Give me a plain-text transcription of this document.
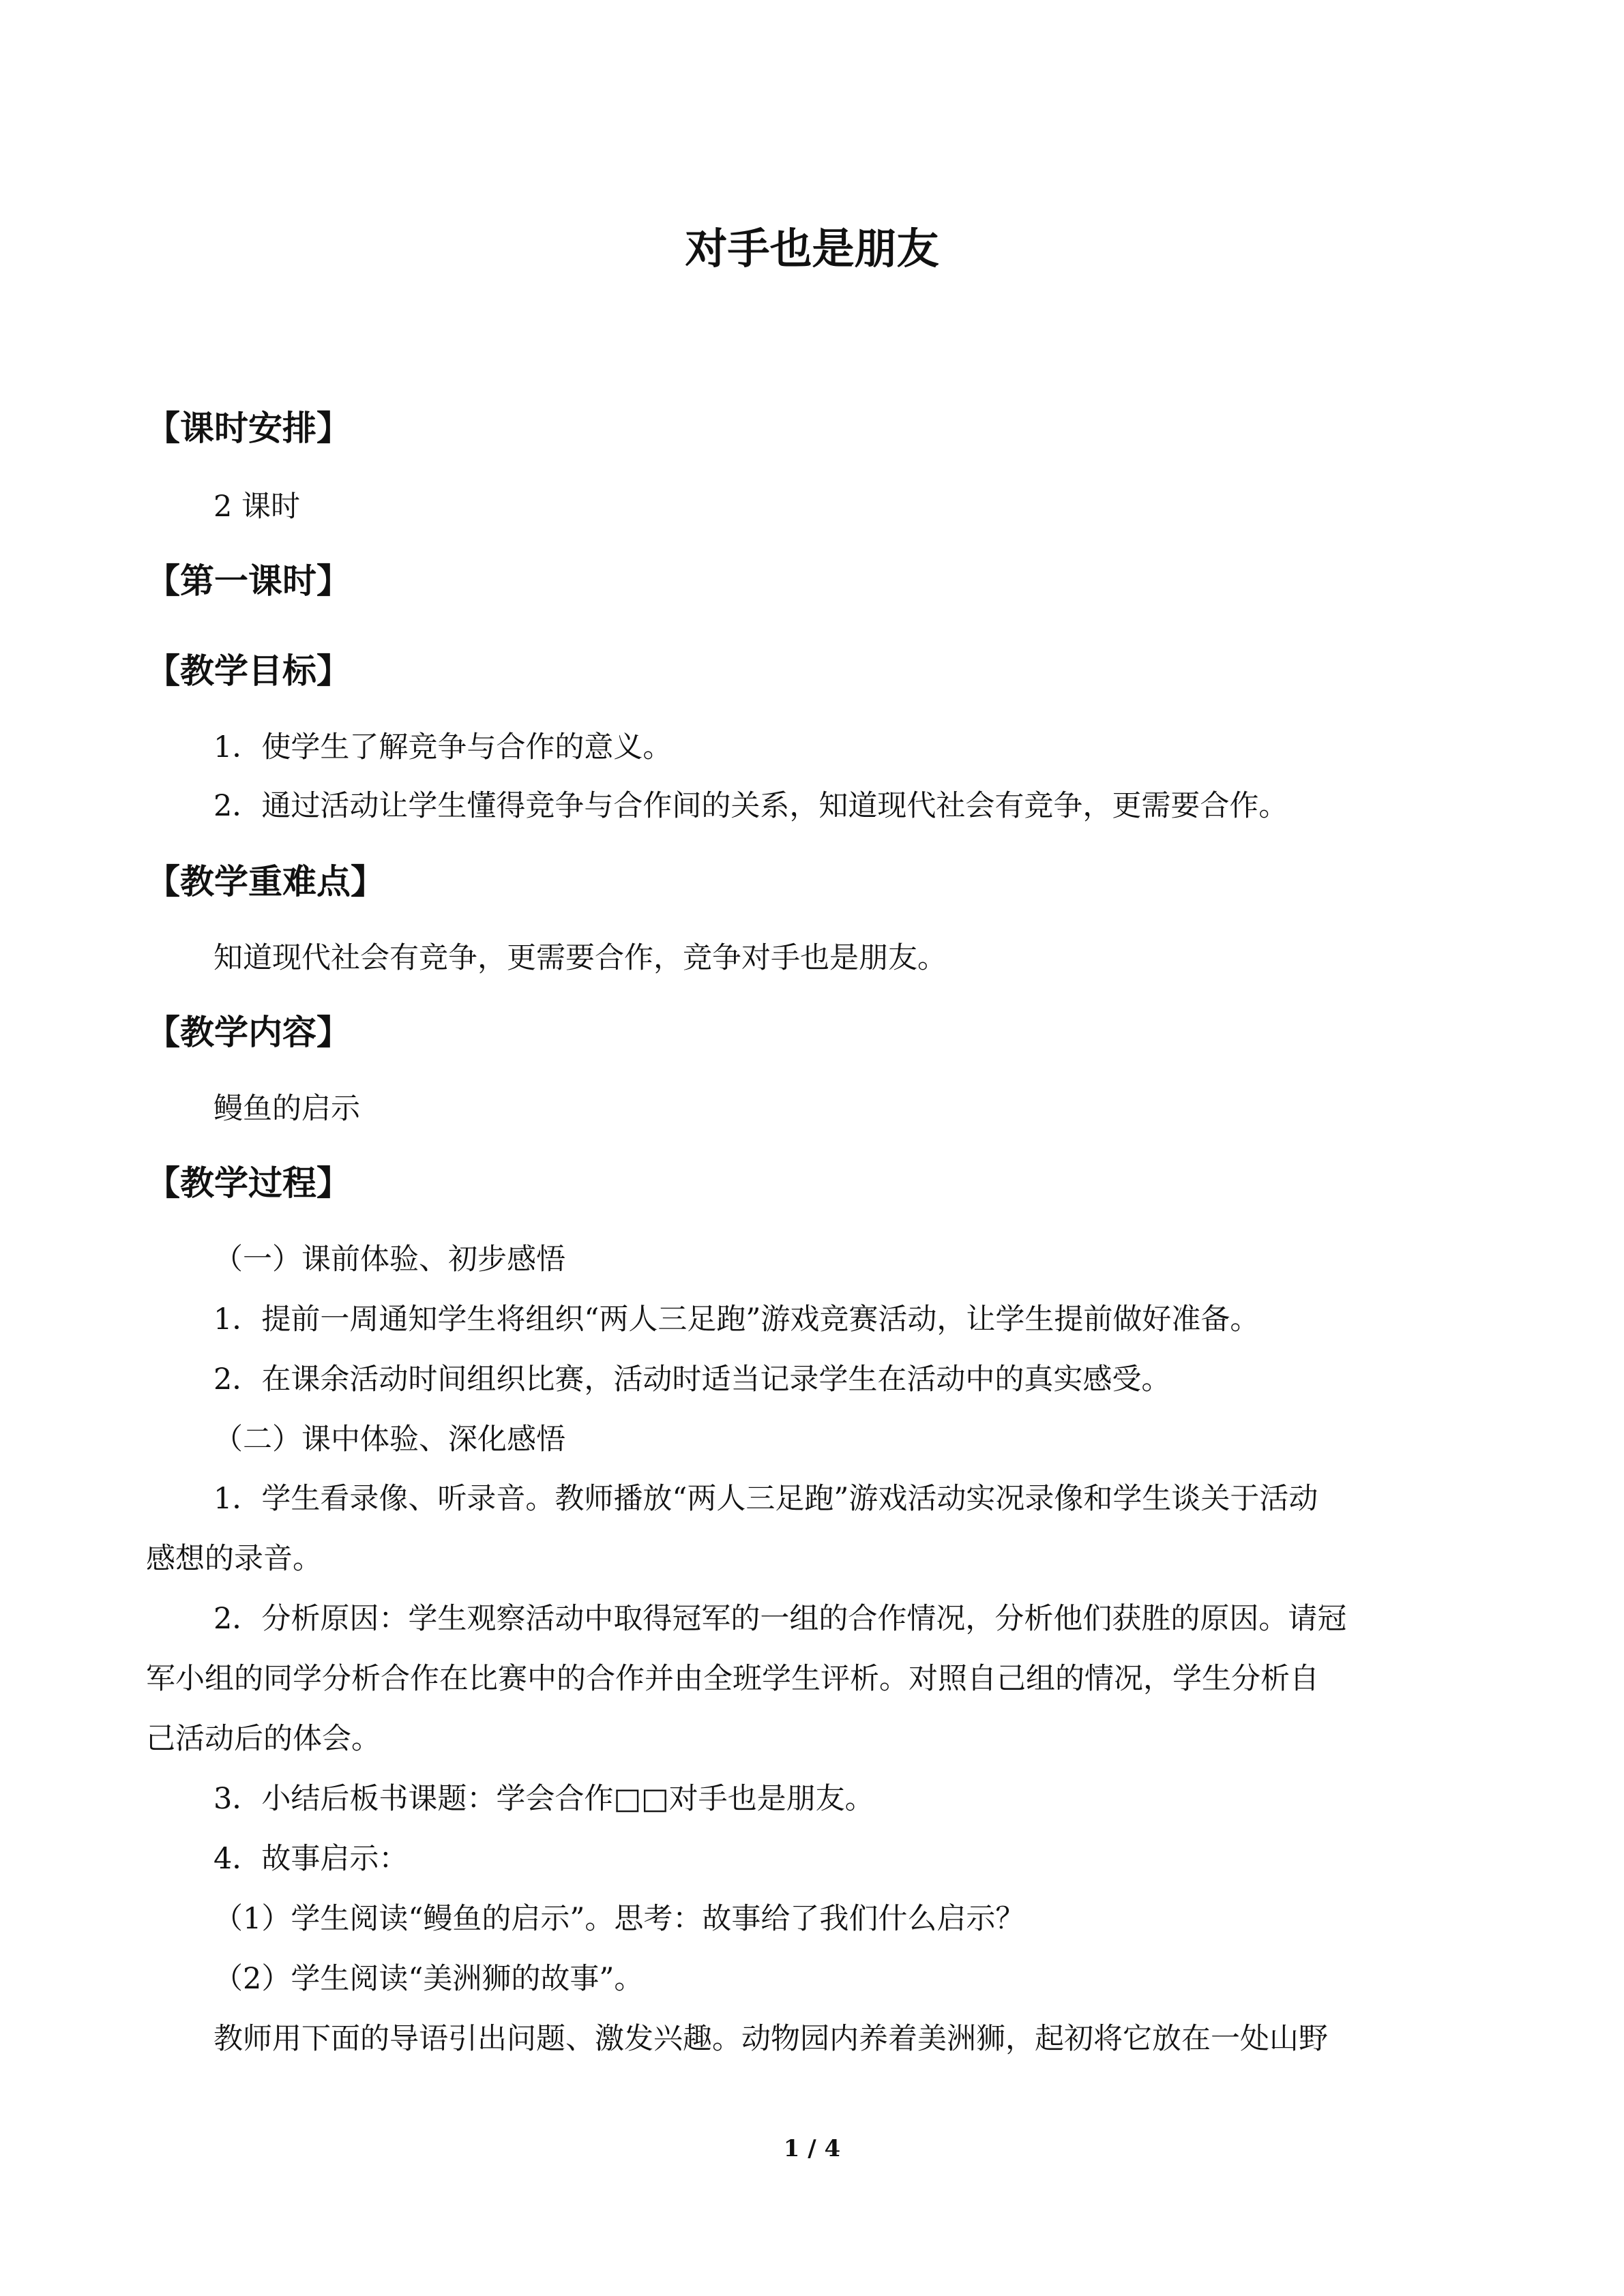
对手也是朋友
【课时安排】
2 课时
【第一课时】
【教学目标】
1．使学生了解竞争与合作的意义。
2．通过活动让学生懂得竞争与合作间的关系，知道现代社会有竞争，更需要合作。
【教学重难点】
知道现代社会有竞争，更需要合作，竞争对手也是朋友。
【教学内容】
鳗鱼的启示
【教学过程】
（一）课前体验、初步感悟
1．提前一周通知学生将组织“两人三足跑”游戏竞赛活动，让学生提前做好准备。
2．在课余活动时间组织比赛，活动时适当记录学生在活动中的真实感受。
（二）课中体验、深化感悟
1．学生看录像、听录音。教师播放“两人三足跑”游戏活动实况录像和学生谈关于活动
感想的录音。
2．分析原因：学生观察活动中取得冠军的一组的合作情况，分析他们获胜的原因。请冠
军小组的同学分析合作在比赛中的合作并由全班学生评析。对照自己组的情况，学生分析自
己活动后的体会。
3．小结后板书课题：学会合作□□对手也是朋友。
4．故事启示：
（1）学生阅读“鳗鱼的启示”。思考：故事给了我们什么启示？
（2）学生阅读“美洲狮的故事”。
教师用下面的导语引出问题、激发兴趣。动物园内养着美洲狮，起初将它放在一处山野
1 / 4
